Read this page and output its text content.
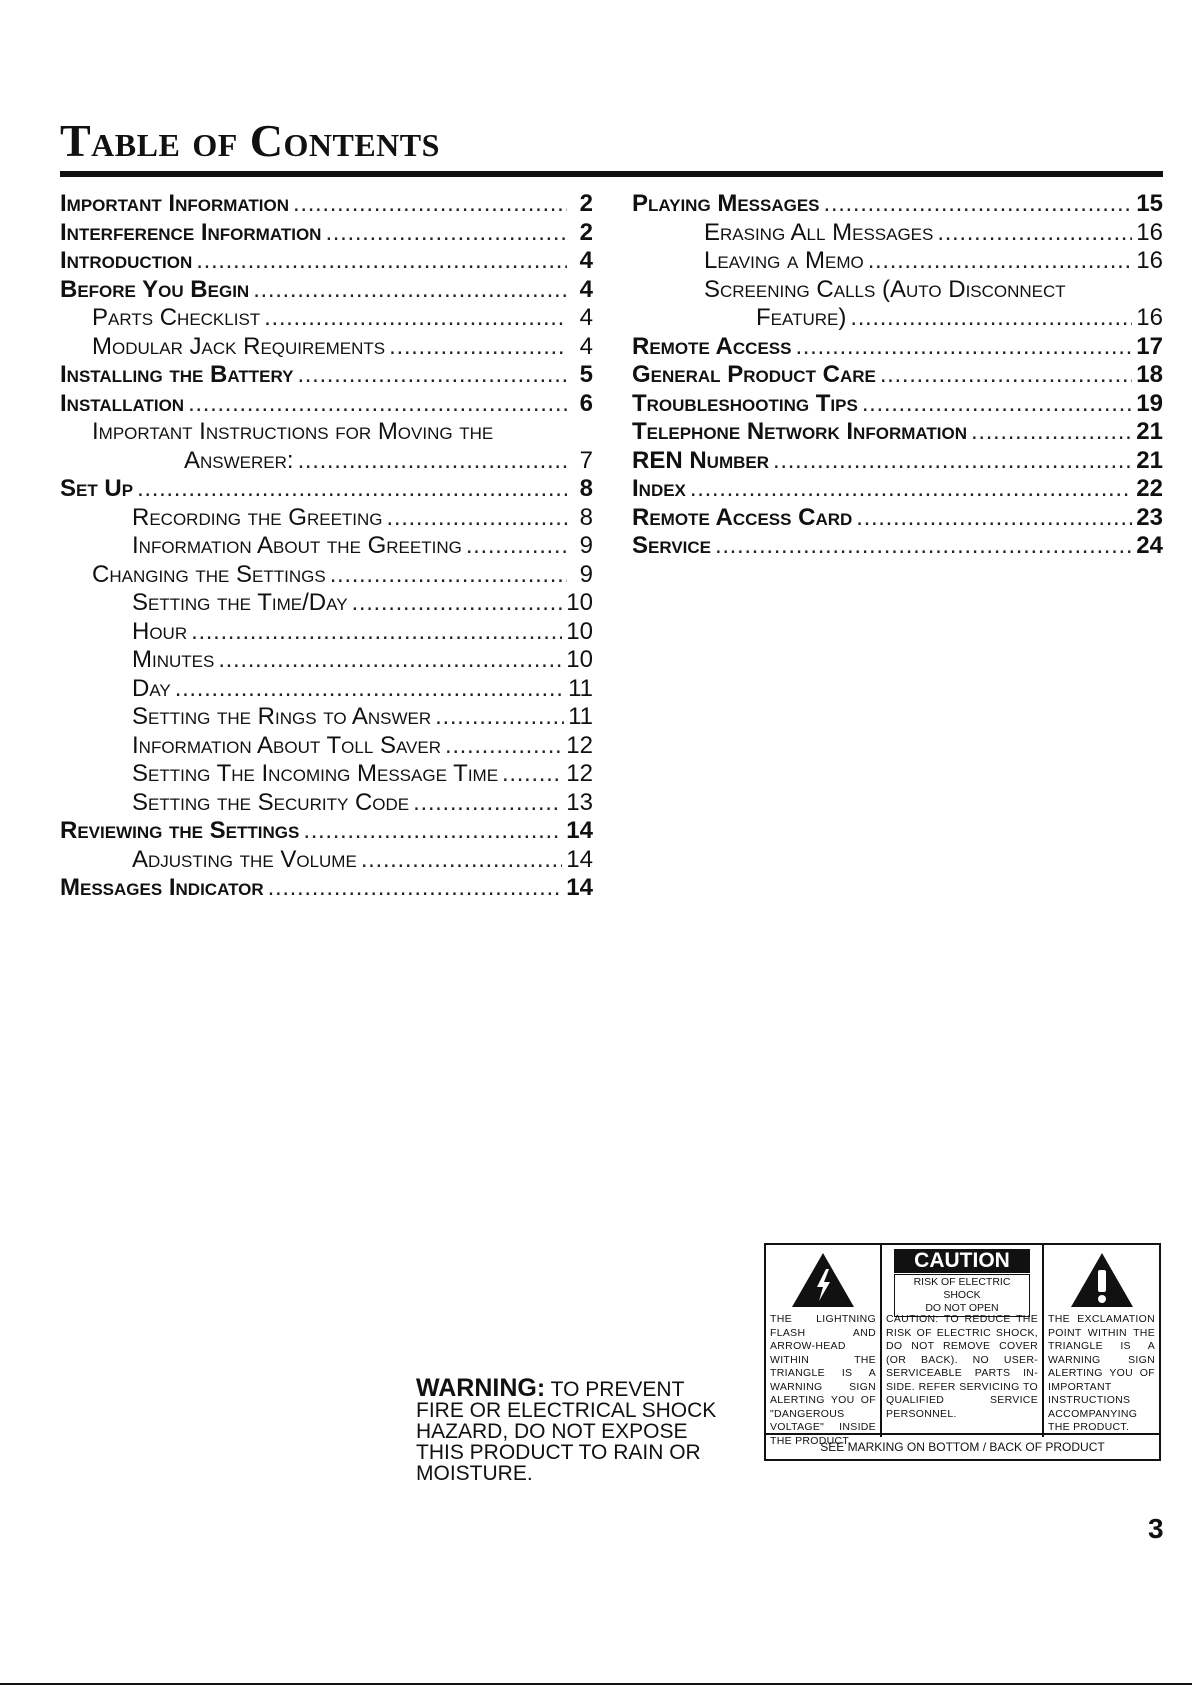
Table of Contents
Important Information . . .	2
Interference Information . . .	2
Introduction . . .	4
Before You Begin . . .	4
Parts Checklist . . .	4
Modular Jack Requirements . . .	4
Installing the Battery . . .	5
Installation . . .	6
Important Instructions for Moving the
Answerer: . . .	7
Set Up . . .	8
Recording the Greeting . . .	8
Information About the Greeting . . .	9
Changing the Settings . . .	9
Setting the Time/Day . . .	10
Hour . . .	10
Minutes . . .	10
Day . . .	11
Setting the Rings to Answer . . .	11
Information About Toll Saver . . .	12
Setting The Incoming Message Time . . .	12
Setting the Security Code . . .	13
Reviewing the Settings . . .	14
Adjusting the Volume . . .	14
Messages Indicator . . .	14
Playing Messages . . .	15
Erasing All Messages . . .	16
Leaving a Memo . . .	16
Screening Calls (Auto Disconnect
Feature) . . .	16
Remote Access . . .	17
General Product Care . . .	18
Troubleshooting Tips . . .	19
Telephone Network Information . . .	21
REN Number . . .	21
Index . . .	22
Remote Access Card . . .	23
Service . . .	24
WARNING: TO PREVENT FIRE OR ELECTRICAL SHOCK HAZARD, DO NOT EXPOSE THIS PRODUCT TO RAIN OR MOISTURE.
THE LIGHTNING FLASH AND ARROW-HEAD WITHIN THE TRIANGLE IS A WARNING SIGN ALERTING YOU OF "DANGEROUS VOLTAGE" INSIDE THE PRODUCT.
CAUTION
RISK OF ELECTRIC SHOCK
DO NOT OPEN
CAUTION: TO REDUCE THE RISK OF ELECTRIC SHOCK, DO NOT REMOVE COVER (OR BACK). NO USER-SERVICEABLE PARTS IN-SIDE. REFER SERVICING TO QUALIFIED SERVICE PERSONNEL.
THE EXCLAMATION POINT WITHIN THE TRIANGLE IS A WARNING SIGN ALERTING YOU OF IMPORTANT INSTRUCTIONS ACCOMPANYING THE PRODUCT.
SEE MARKING ON BOTTOM / BACK OF PRODUCT
3
